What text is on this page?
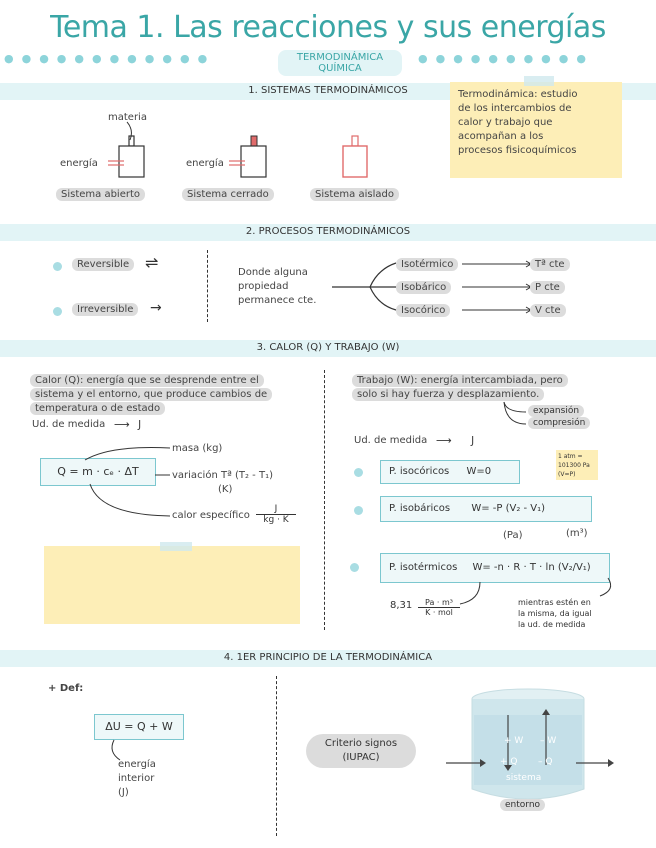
Tema 1. Las reacciones y sus energías
●●●●●●●●●●●●	TERMODINÁMICA QUÍMICA
●●●●●●●●●●
1. SISTEMAS TERMODINÁMICOS
materia
energía	energía
Sistema abierto	Sistema cerrado	Sistema aislado
Termodinámica: estudio
de los intercambios de
calor y trabajo que
acompañan a los
procesos fisicoquímicos
2. PROCESOS TERMODINÁMICOS
Reversible ⇌
Irreversible	→
Donde alguna
propiedad
permanece cte.
Isotérmico	Tª cte
Isobárico	P cte
Isocórico	V cte
3. CALOR (Q) Y TRABAJO (W)
Calor (Q): energía que se desprende entre el
sistema y el entorno, que produce cambios de
temperatura o de estado
Ud. de medida ⟶ J
Q = m · cₑ · ΔT
masa (kg)
variación Tª (T₂ - T₁)
(K)
calor específico
J
kg · K
Trabajo (W): energía intercambiada, pero
solo si hay fuerza y desplazamiento.
expansión
compresión
Ud. de medida ⟶ J
1 atm =
101300 Pa
(V=P)
P. isocóricos W=0
P. isobáricos W= -P (V₂ - V₁)
(Pa)	(m³)
P. isotérmicos W= -n · R · T · ln (V₂/V₁)
8,31	Pa · m³
K · mol
mientras estén en
la misma, da igual
la ud. de medida
4. 1ER PRINCIPIO DE LA TERMODINÁMICA
+ Def:
ΔU = Q + W
energía
interior
(J)
Criterio signos
(IUPAC)
+ W – W
+ Q – Q
sistema
entorno
